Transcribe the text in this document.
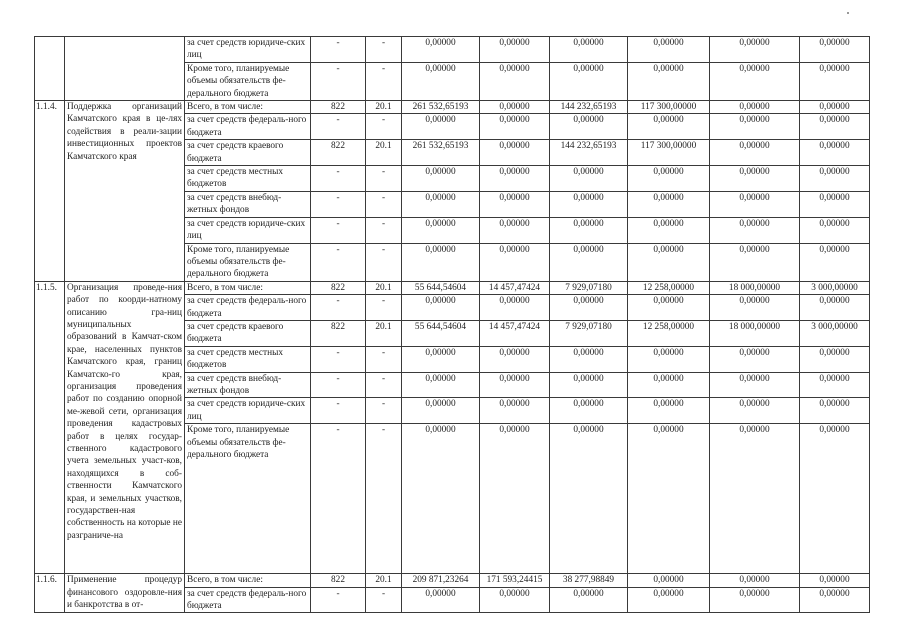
		за счет средств юридиче-ских лиц	-	-	0,00000	0,00000	0,00000	0,00000	0,00000	0,00000
		Кроме того, планируемые объемы обязательств фе-дерального бюджета	-	-	0,00000	0,00000	0,00000	0,00000	0,00000	0,00000
1.1.4.	Поддержка организаций Камчатского края в це-лях содействия в реали-зации инвестиционных проектов Камчатского края	Всего, в том числе:	822	20.1	261 532,65193	0,00000	144 232,65193	117 300,00000	0,00000	0,00000
		за счет средств федераль-ного бюджета	-	-	0,00000	0,00000	0,00000	0,00000	0,00000	0,00000
		за счет средств краевого бюджета	822	20.1	261 532,65193	0,00000	144 232,65193	117 300,00000	0,00000	0,00000
		за счет средств местных бюджетов	-	-	0,00000	0,00000	0,00000	0,00000	0,00000	0,00000
		за счет средств внебюд-жетных фондов	-	-	0,00000	0,00000	0,00000	0,00000	0,00000	0,00000
		за счет средств юридиче-ских лиц	-	-	0,00000	0,00000	0,00000	0,00000	0,00000	0,00000
		Кроме того, планируемые объемы обязательств фе-дерального бюджета	-	-	0,00000	0,00000	0,00000	0,00000	0,00000	0,00000
1.1.5.	Организация проведе-ния работ по коорди-натному описанию гра-ниц муниципальных образований в Камчат-ском крае, населенных пунктов Камчатского края, границ Камчатско-го края, организация проведения работ по созданию опорной ме-жевой сети, организация проведения кадастровых работ в целях государ-ственного кадастрового учета земельных участ-ков, находящихся в соб-ственности Камчатского края, и земельных участков, государствен-ная собственность на которые не разграниче-на	Всего, в том числе:	822	20.1	55 644,54604	14 457,47424	7 929,07180	12 258,00000	18 000,00000	3 000,00000
		за счет средств федераль-ного бюджета	-	-	0,00000	0,00000	0,00000	0,00000	0,00000	0,00000
		за счет средств краевого бюджета	822	20.1	55 644,54604	14 457,47424	7 929,07180	12 258,00000	18 000,00000	3 000,00000
		за счет средств местных бюджетов	-	-	0,00000	0,00000	0,00000	0,00000	0,00000	0,00000
		за счет средств внебюд-жетных фондов	-	-	0,00000	0,00000	0,00000	0,00000	0,00000	0,00000
		за счет средств юридиче-ских лиц	-	-	0,00000	0,00000	0,00000	0,00000	0,00000	0,00000
		Кроме того, планируемые объемы обязательств фе-дерального бюджета	-	-	0,00000	0,00000	0,00000	0,00000	0,00000	0,00000
1.1.6.	Применение процедур финансового оздоровле-ния и банкротства в от-	Всего, в том числе:	822	20.1	209 871,23264	171 593,24415	38 277,98849	0,00000	0,00000	0,00000
		за счет средств федераль-ного бюджета	-	-	0,00000	0,00000	0,00000	0,00000	0,00000	0,00000
